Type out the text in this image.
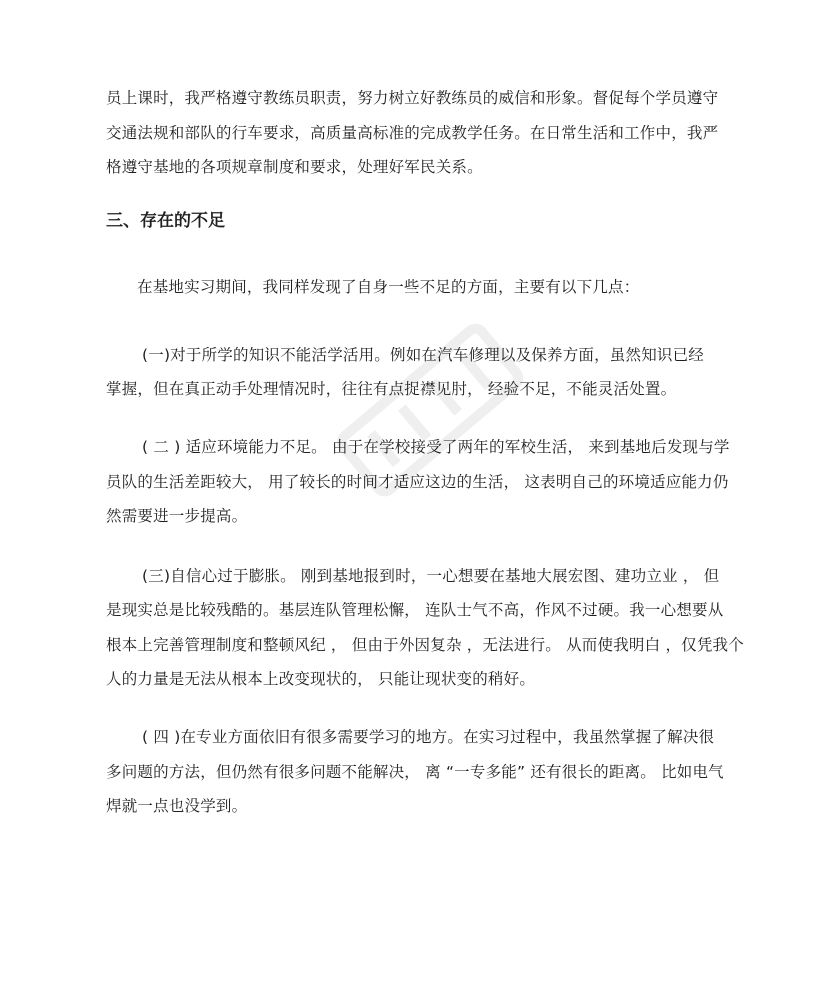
员上课时，我严格遵守教练员职责，努力树立好教练员的威信和形象。督促每个学员遵守
交通法规和部队的行车要求，高质量高标准的完成教学任务。在日常生活和工作中，我严
格遵守基地的各项规章制度和要求，处理好军民关系。
三、存在的不足
在基地实习期间，我同样发现了自身一些不足的方面，主要有以下几点：
(一)对于所学的知识不能活学活用。例如在汽车修理以及保养方面，虽然知识已经
掌握，但在真正动手处理情况时，往往有点捉襟见肘， 经验不足，不能灵活处置。
( 二 ) 适应环境能力不足。 由于在学校接受了两年的军校生活， 来到基地后发现与学
员队的生活差距较大， 用了较长的时间才适应这边的生活， 这表明自己的环境适应能力仍
然需要进一步提高。
(三)自信心过于膨胀。 刚到基地报到时，一心想要在基地大展宏图、建功立业 ， 但
是现实总是比较残酷的。基层连队管理松懈， 连队士气不高，作风不过硬。我一心想要从
根本上完善管理制度和整顿风纪 ， 但由于外因复杂 ，无法进行。 从而使我明白 ，仅凭我个
人的力量是无法从根本上改变现状的， 只能让现状变的稍好。
( 四 )在专业方面依旧有很多需要学习的地方。在实习过程中，我虽然掌握了解决很
多问题的方法，但仍然有很多问题不能解决， 离 “一专多能” 还有很长的距离。 比如电气
焊就一点也没学到。
